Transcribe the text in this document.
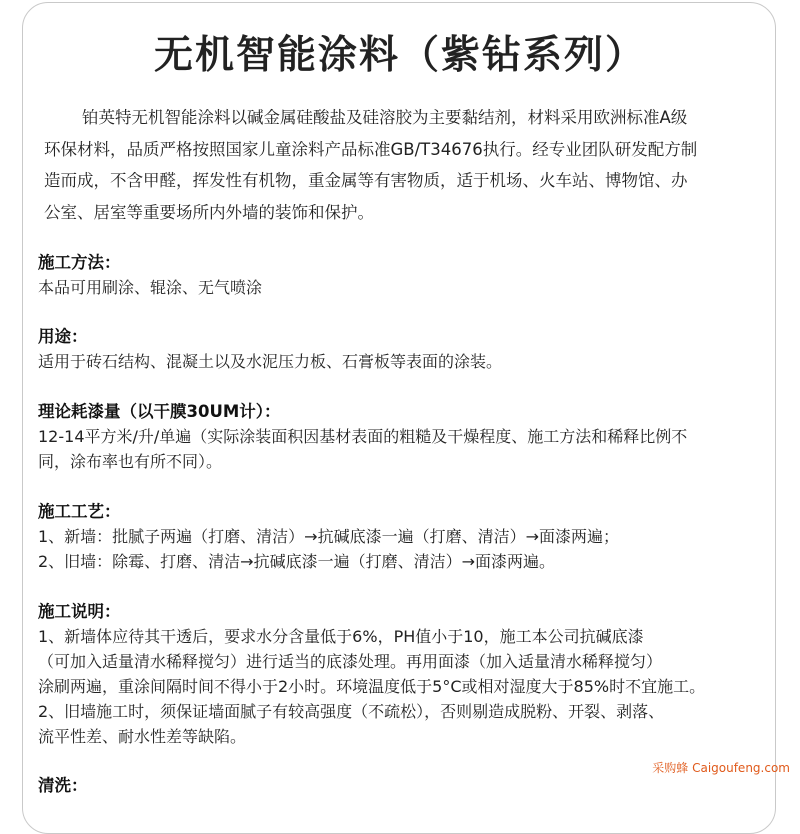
无机智能涂料（紫钻系列）
铂英特无机智能涂料以碱金属硅酸盐及硅溶胶为主要黏结剂，材料采用欧洲标准A级
环保材料，品质严格按照国家儿童涂料产品标准GB/T34676执行。经专业团队研发配方制
造而成，不含甲醛，挥发性有机物，重金属等有害物质，适于机场、火车站、博物馆、办
公室、居室等重要场所内外墙的装饰和保护。
施工方法：
本品可用刷涂、辊涂、无气喷涂
用途：
适用于砖石结构、混凝土以及水泥压力板、石膏板等表面的涂装。
理论耗漆量（以干膜30UM计）：
12-14平方米/升/单遍（实际涂装面积因基材表面的粗糙及干燥程度、施工方法和稀释比例不
同，涂布率也有所不同）。
施工工艺：
1、新墙：批腻子两遍（打磨、清洁）→抗碱底漆一遍（打磨、清洁）→面漆两遍；
2、旧墙：除霉、打磨、清洁→抗碱底漆一遍（打磨、清洁）→面漆两遍。
施工说明：
1、新墙体应待其干透后，要求水分含量低于6%，PH值小于10，施工本公司抗碱底漆
（可加入适量清水稀释搅匀）进行适当的底漆处理。再用面漆（加入适量清水稀释搅匀）
涂刷两遍，重涂间隔时间不得小于2小时。环境温度低于5°C或相对湿度大于85%时不宜施工。
2、旧墙施工时，须保证墙面腻子有较高强度（不疏松），否则剔造成脱粉、开裂、剥落、
流平性差、耐水性差等缺陷。
清洗：
采购蜂 Caigoufeng.com
